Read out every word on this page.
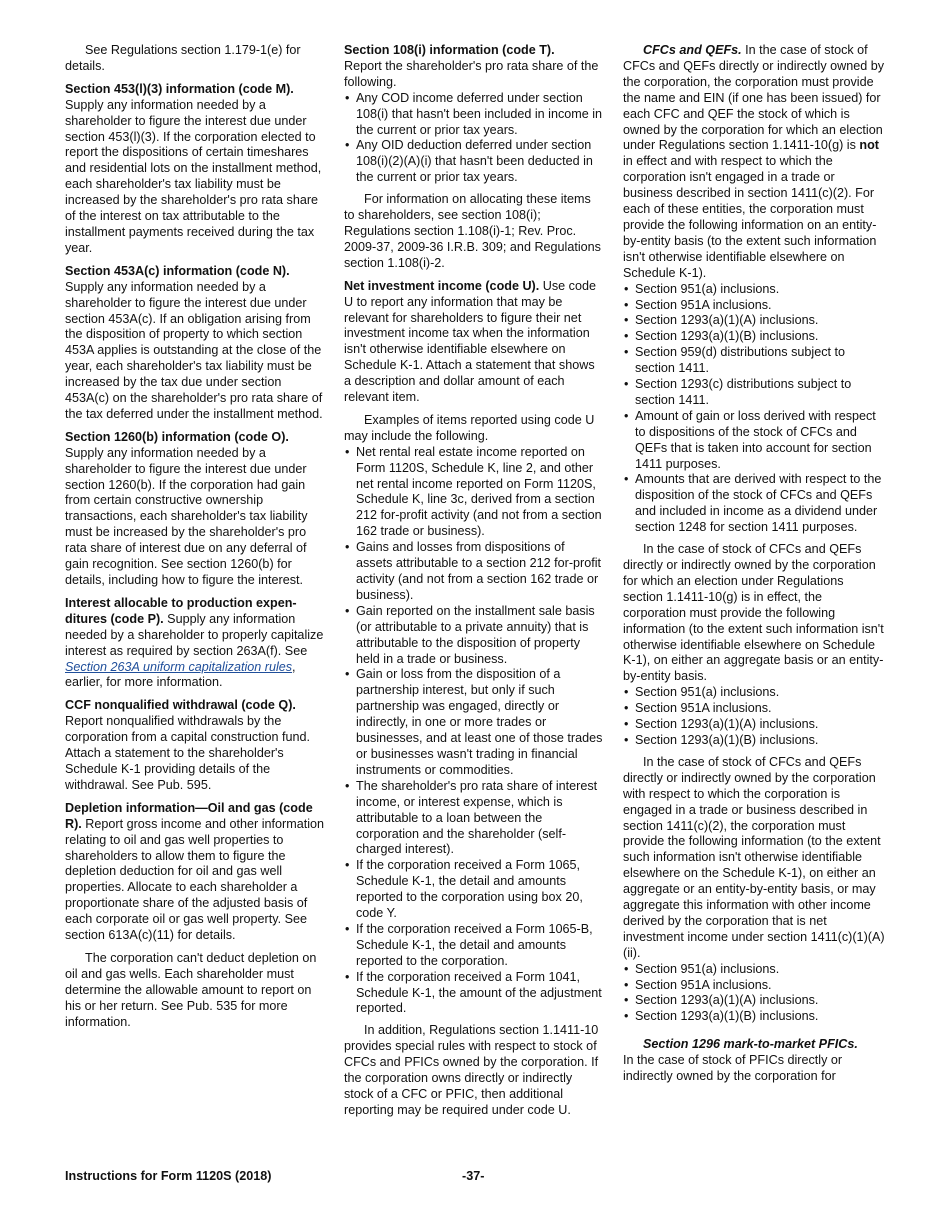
See Regulations section 1.179-1(e) for details.

Section 453(l)(3) information (code M).
Supply any information needed by a shareholder to figure the interest due under section 453(l)(3). If the corporation elected to report the dispositions of certain timeshares and residential lots on the installment method, each shareholder's tax liability must be increased by the shareholder's pro rata share of the interest on tax attributable to the installment payments received during the tax year.

Section 453A(c) information (code N).
Supply any information needed by a shareholder to figure the interest due under section 453A(c). If an obligation arising from the disposition of property to which section 453A applies is outstanding at the close of the year, each shareholder's tax liability must be increased by the tax due under section 453A(c) on the shareholder's pro rata share of the tax deferred under the installment method.

Section 1260(b) information (code O).
Supply any information needed by a shareholder to figure the interest due under section 1260(b). If the corporation had gain from certain constructive ownership transactions, each shareholder's tax liability must be increased by the shareholder's pro rata share of interest due on any deferral of gain recognition. See section 1260(b) for details, including how to figure the interest.

Interest allocable to production expen-ditures (code P). Supply any information needed by a shareholder to properly capitalize interest as required by section 263A(f). See Section 263A uniform capitalization rules, earlier, for more information.

CCF nonqualified withdrawal (code Q).
Report nonqualified withdrawals by the corporation from a capital construction fund. Attach a statement to the shareholder's Schedule K-1 providing details of the withdrawal. See Pub. 595.

Depletion information—Oil and gas (code R). Report gross income and other information relating to oil and gas well properties to shareholders to allow them to figure the depletion deduction for oil and gas well properties. Allocate to each shareholder a proportionate share of the adjusted basis of each corporate oil or gas well property. See section 613A(c)(11) for details.

The corporation can't deduct depletion on oil and gas wells. Each shareholder must determine the allowable amount to report on his or her return. See Pub. 535 for more information.

Section 108(i) information (code T).
Report the shareholder's pro rata share of the following.

• Any COD income deferred under section 108(i) that hasn't been included in income in the current or prior tax years.

• Any OID deduction deferred under section 108(i)(2)(A)(i) that hasn't been deducted in the current or prior tax years.

For information on allocating these items to shareholders, see section 108(i); Regulations section 1.108(i)-1; Rev. Proc. 2009-37, 2009-36 I.R.B. 309; and Regulations section 1.108(i)-2.

Net investment income (code U). Use code U to report any information that may be relevant for shareholders to figure their net investment income tax when the information isn't otherwise identifiable elsewhere on Schedule K-1. Attach a statement that shows a description and dollar amount of each relevant item.

Examples of items reported using code U may include the following.

• Net rental real estate income reported on Form 1120S, Schedule K, line 2, and other net rental income reported on Form 1120S, Schedule K, line 3c, derived from a section 212 for-profit activity (and not from a section 162 trade or business).

• Gains and losses from dispositions of assets attributable to a section 212 for-profit activity (and not from a section 162 trade or business).

• Gain reported on the installment sale basis (or attributable to a private annuity) that is attributable to the disposition of property held in a trade or business.

• Gain or loss from the disposition of a partnership interest, but only if such partnership was engaged, directly or indirectly, in one or more trades or businesses, and at least one of those trades or businesses wasn't trading in financial instruments or commodities.

• The shareholder's pro rata share of interest income, or interest expense, which is attributable to a loan between the corporation and the shareholder (self-charged interest).

• If the corporation received a Form 1065, Schedule K-1, the detail and amounts reported to the corporation using box 20, code Y.

• If the corporation received a Form 1065-B, Schedule K-1, the detail and amounts reported to the corporation.

• If the corporation received a Form 1041, Schedule K-1, the amount of the adjustment reported.

In addition, Regulations section 1.1411-10 provides special rules with respect to stock of CFCs and PFICs owned by the corporation. If the corporation owns directly or indirectly stock of a CFC or PFIC, then additional reporting may be required under code U.

CFCs and QEFs. In the case of stock of CFCs and QEFs directly or indirectly owned by the corporation, the corporation must provide the name and EIN (if one has been issued) for each CFC and QEF the stock of which is owned by the corporation for which an election under Regulations section 1.1411-10(g) is not in effect and with respect to which the corporation isn't engaged in a trade or business described in section 1411(c)(2). For each of these entities, the corporation must provide the following information on an entity-by-entity basis (to the extent such information isn't otherwise identifiable elsewhere on Schedule K-1).

• Section 951(a) inclusions.

• Section 951A inclusions.

• Section 1293(a)(1)(A) inclusions.

• Section 1293(a)(1)(B) inclusions.

• Section 959(d) distributions subject to section 1411.

• Section 1293(c) distributions subject to section 1411.

• Amount of gain or loss derived with respect to dispositions of the stock of CFCs and QEFs that is taken into account for section 1411 purposes.

• Amounts that are derived with respect to the disposition of the stock of CFCs and QEFs and included in income as a dividend under section 1248 for section 1411 purposes.

In the case of stock of CFCs and QEFs directly or indirectly owned by the corporation for which an election under Regulations section 1.1411-10(g) is in effect, the corporation must provide the following information (to the extent such information isn't otherwise identifiable elsewhere on Schedule K-1), on either an aggregate basis or an entity-by-entity basis.

• Section 951(a) inclusions.

• Section 951A inclusions.

• Section 1293(a)(1)(A) inclusions.

• Section 1293(a)(1)(B) inclusions.

In the case of stock of CFCs and QEFs directly or indirectly owned by the corporation with respect to which the corporation is engaged in a trade or business described in section 1411(c)(2), the corporation must provide the following information (to the extent such information isn't otherwise identifiable elsewhere on the Schedule K-1), on either an aggregate or an entity-by-entity basis, or may aggregate this information with other income derived by the corporation that is net investment income under section 1411(c)(1)(A)(ii).

• Section 951(a) inclusions.

• Section 951A inclusions.

• Section 1293(a)(1)(A) inclusions.

• Section 1293(a)(1)(B) inclusions.

Section 1296 mark-to-market PFICs.
In the case of stock of PFICs directly or indirectly owned by the corporation for

Instructions for Form 1120S (2018)	-37-
